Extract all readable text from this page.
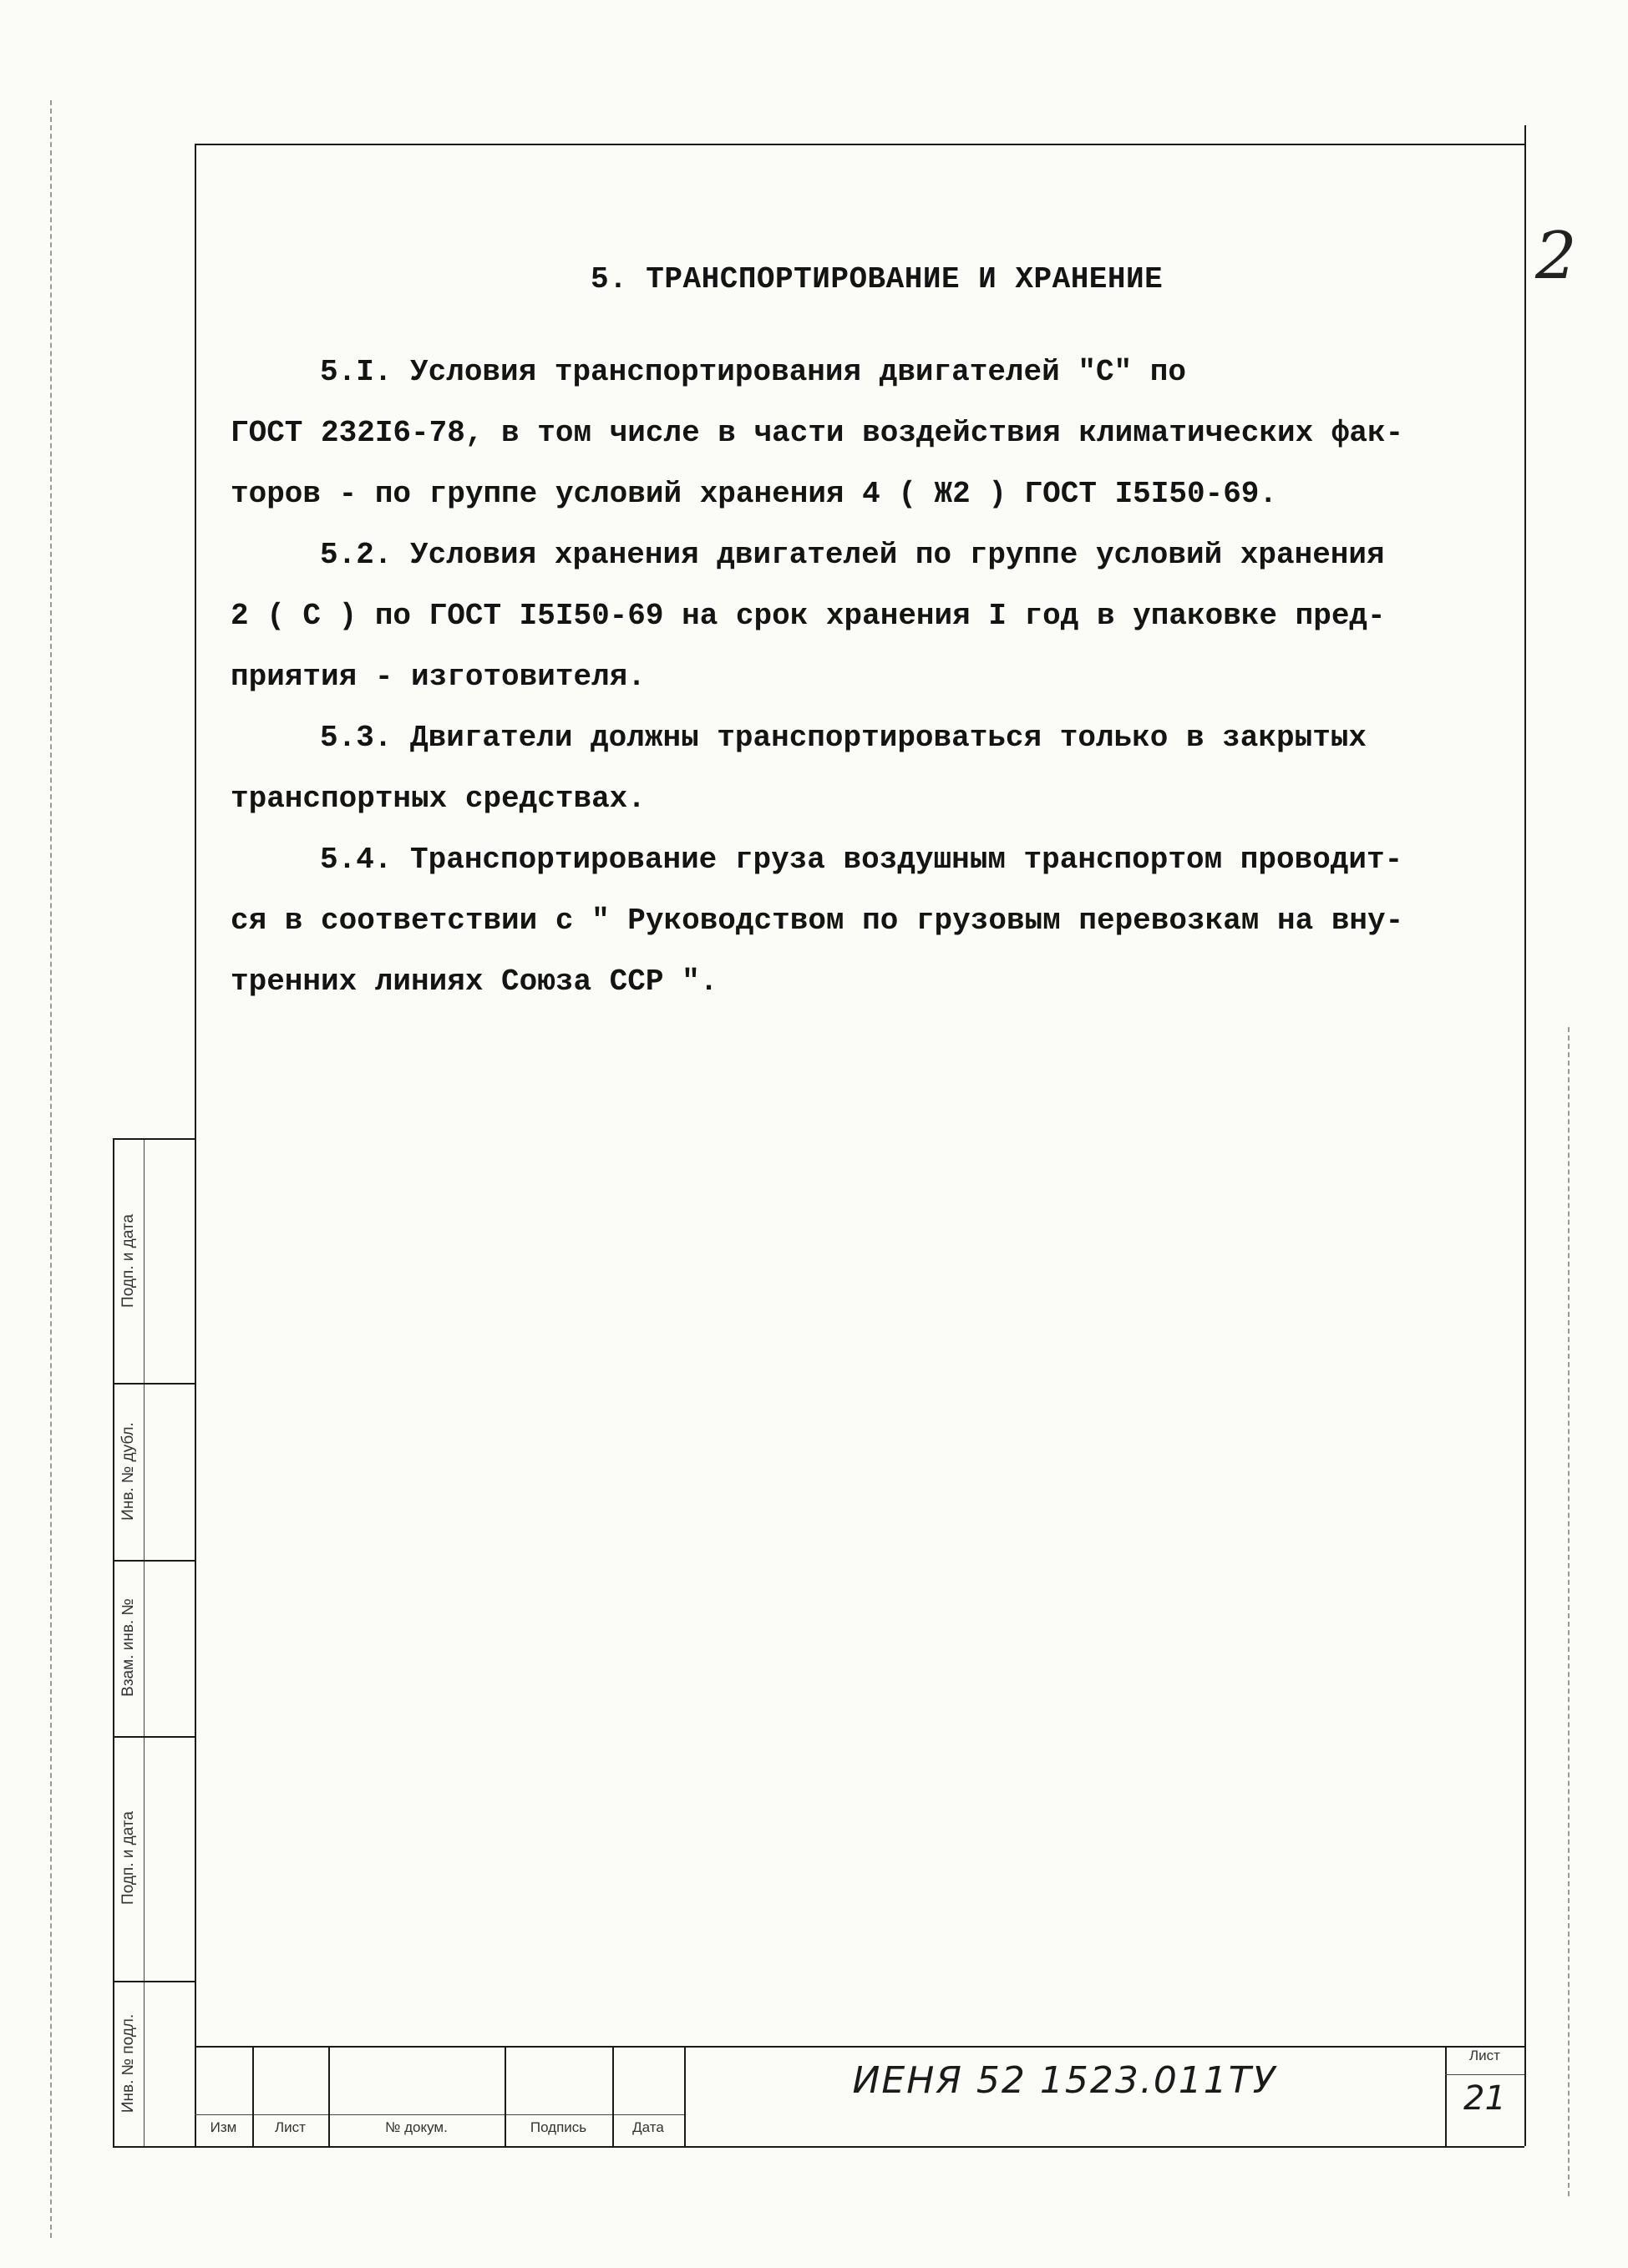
2
5. ТРАНСПОРТИРОВАНИЕ И ХРАНЕНИЕ
5.I. Условия транспортирования двигателей "С" по
ГОСТ 232I6-78, в том числе в части воздействия климатических фак-
торов - по группе условий хранения 4 ( Ж2 ) ГОСТ I5I50-69.
5.2. Условия хранения двигателей по группе условий хранения
2 ( С ) по ГОСТ I5I50-69 на срок хранения I год в упаковке пред-
приятия - изготовителя.
5.3. Двигатели должны транспортироваться только в закрытых
транспортных средствах.
5.4. Транспортирование груза воздушным транспортом проводит-
ся в соответствии с " Руководством по грузовым перевозкам на вну-
тренних линиях Союза ССР ".
Подп. и дата
Инв. № дубл.
Взам. инв. №
Подп. и дата
Инв. № подл.
Изм	Лист	№ докум.	Подпись	Дата
ИЕНЯ 52 1523.011ТУ
Лист
21
